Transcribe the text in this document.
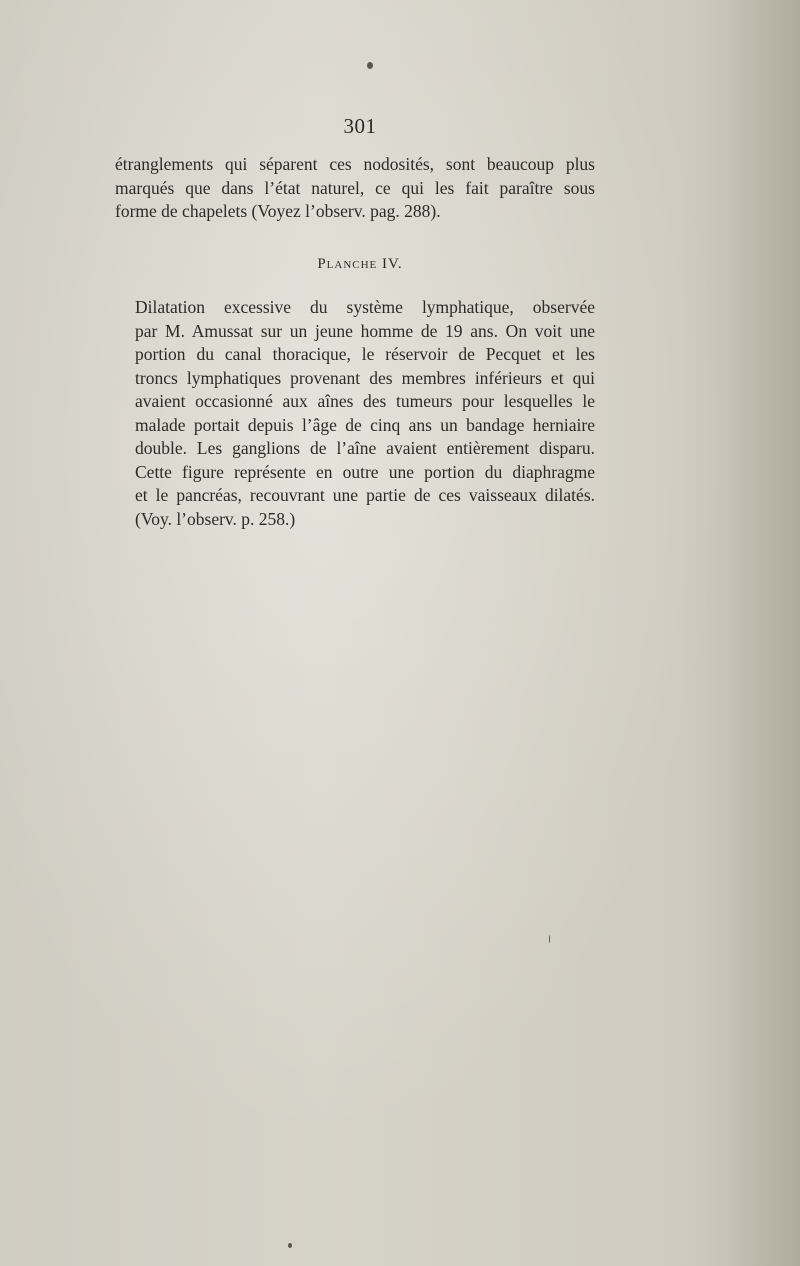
301
étranglements qui séparent ces nodosités, sont beaucoup plus
marqués que dans l’état naturel, ce qui les fait paraître sous
forme de chapelets (Voyez l’observ. pag. 288).
Planche IV.
Dilatation excessive du système lymphatique, observée
par M. Amussat sur un jeune homme de 19 ans. On voit une
portion du canal thoracique, le réservoir de Pecquet et les
troncs lymphatiques provenant des membres inférieurs et qui
avaient occasionné aux aînes des tumeurs pour lesquelles le
malade portait depuis l’âge de cinq ans un bandage herniaire
double. Les ganglions de l’aîne avaient entièrement disparu.
Cette figure représente en outre une portion du diaphragme
et le pancréas, recouvrant une partie de ces vaisseaux dilatés.
(Voy. l’observ. p. 258.)
